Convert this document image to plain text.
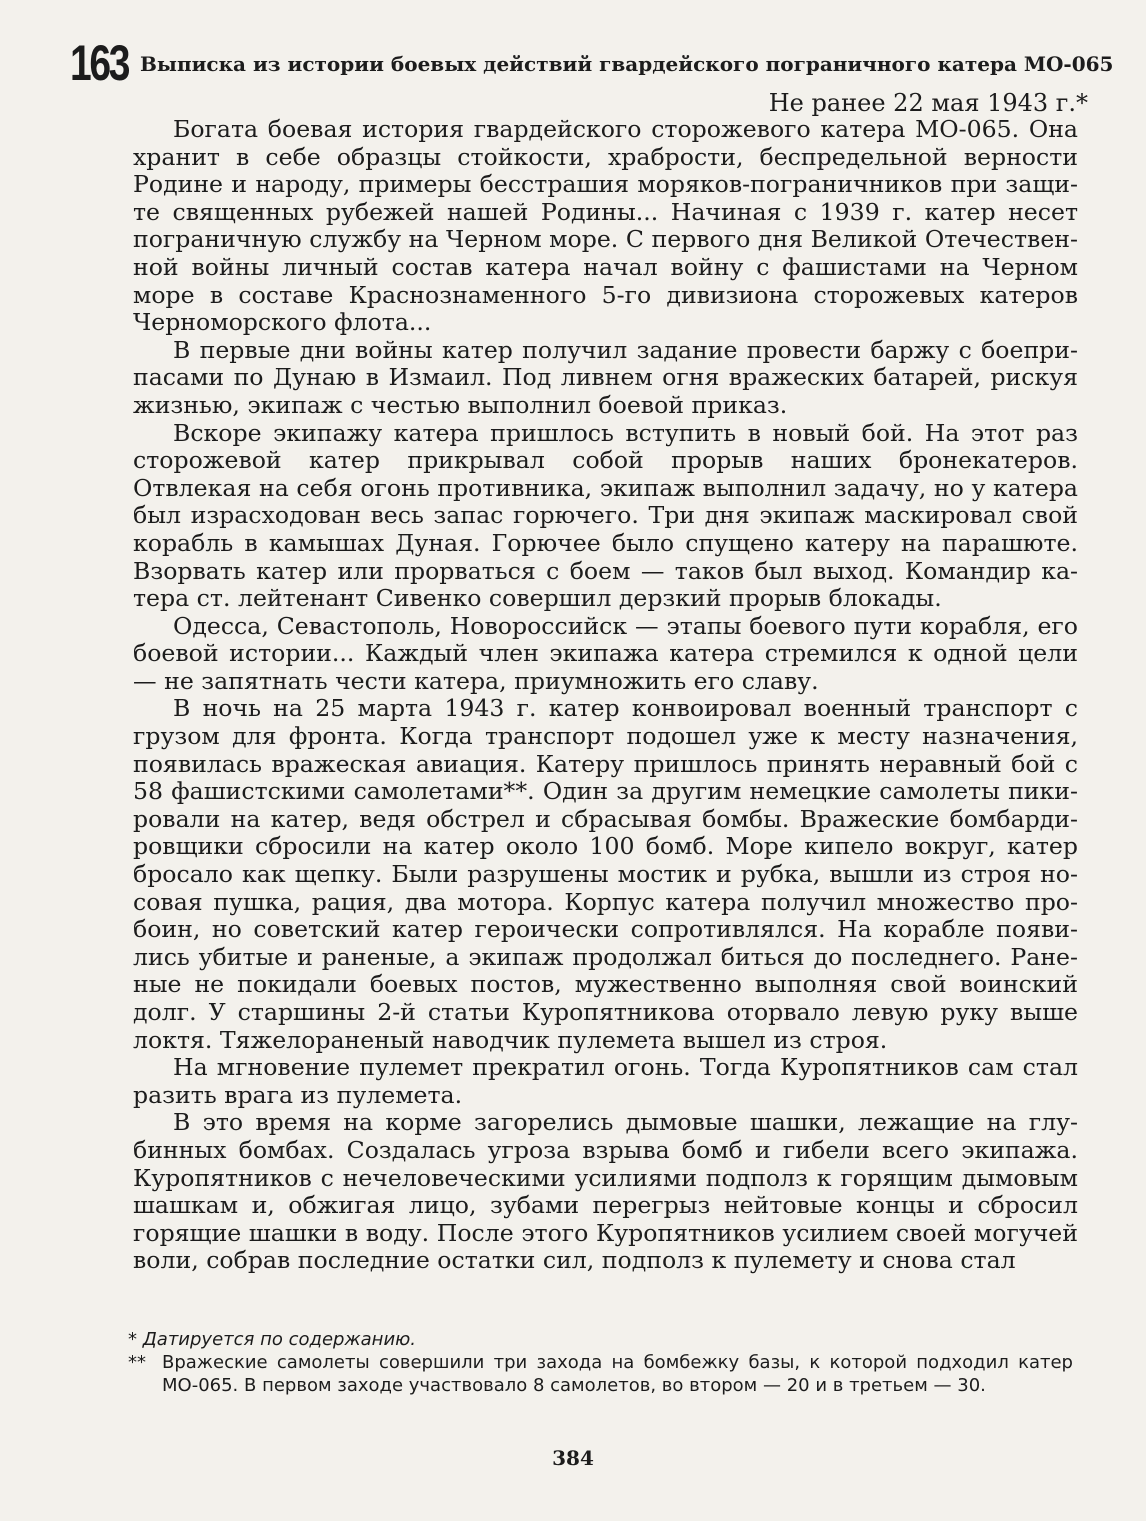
163 Выписка из истории боевых действий гвардейского пограничного катера МО-065
Не ранее 22 мая 1943 г.*

Богата боевая история гвардейского сторожевого катера МО-065. Она хранит в себе образцы стойкости, храбрости, беспредельной верности Родине и народу, примеры бесстрашия моряков-пограничников при защите священных рубежей нашей Родины... Начиная с 1939 г. катер несет пограничную службу на Черном море. С первого дня Великой Отечественной войны личный состав катера начал войну с фашистами на Черном море в составе Краснознаменного 5-го дивизиона сторожевых катеров Черноморского флота...

В первые дни войны катер получил задание провести баржу с боеприпасами по Дунаю в Измаил. Под ливнем огня вражеских батарей, рискуя жизнью, экипаж с честью выполнил боевой приказ.

Вскоре экипажу катера пришлось вступить в новый бой. На этот раз сторожевой катер прикрывал собой прорыв наших бронекатеров. Отвлекая на себя огонь противника, экипаж выполнил задачу, но у катера был израсходован весь запас горючего. Три дня экипаж маскировал свой корабль в камышах Дуная. Горючее было спущено катеру на парашюте. Взорвать катер или прорваться с боем — таков был выход. Командир катера ст. лейтенант Сивенко совершил дерзкий прорыв блокады.

Одесса, Севастополь, Новороссийск — этапы боевого пути корабля, его боевой истории... Каждый член экипажа катера стремился к одной цели — не запятнать чести катера, приумножить его славу.

В ночь на 25 марта 1943 г. катер конвоировал военный транспорт с грузом для фронта. Когда транспорт подошел уже к месту назначения, появилась вражеская авиация. Катеру пришлось принять неравный бой с 58 фашистскими самолетами**. Один за другим немецкие самолеты пикировали на катер, ведя обстрел и сбрасывая бомбы. Вражеские бомбардировщики сбросили на катер около 100 бомб. Море кипело вокруг, катер бросало как щепку. Были разрушены мостик и рубка, вышли из строя носовая пушка, рация, два мотора. Корпус катера получил множество пробоин, но советский катер героически сопротивлялся. На корабле появились убитые и раненые, а экипаж продолжал биться до последнего. Раненые не покидали боевых постов, мужественно выполняя свой воинский долг. У старшины 2-й статьи Куропятникова оторвало левую руку выше локтя. Тяжелораненый наводчик пулемета вышел из строя.

На мгновение пулемет прекратил огонь. Тогда Куропятников сам стал разить врага из пулемета.

В это время на корме загорелись дымовые шашки, лежащие на глубинных бомбах. Создалась угроза взрыва бомб и гибели всего экипажа. Куропятников с нечеловеческими усилиями подполз к горящим дымовым шашкам и, обжигая лицо, зубами перегрыз нейтовые концы и сбросил горящие шашки в воду. После этого Куропятников усилием своей могучей воли, собрав последние остатки сил, подполз к пулемету и снова стал

* Датируется по содержанию.
** Вражеские самолеты совершили три захода на бомбежку базы, к которой подходил катер МО-065. В первом заходе участвовало 8 самолетов, во втором — 20 и в третьем — 30.
384
